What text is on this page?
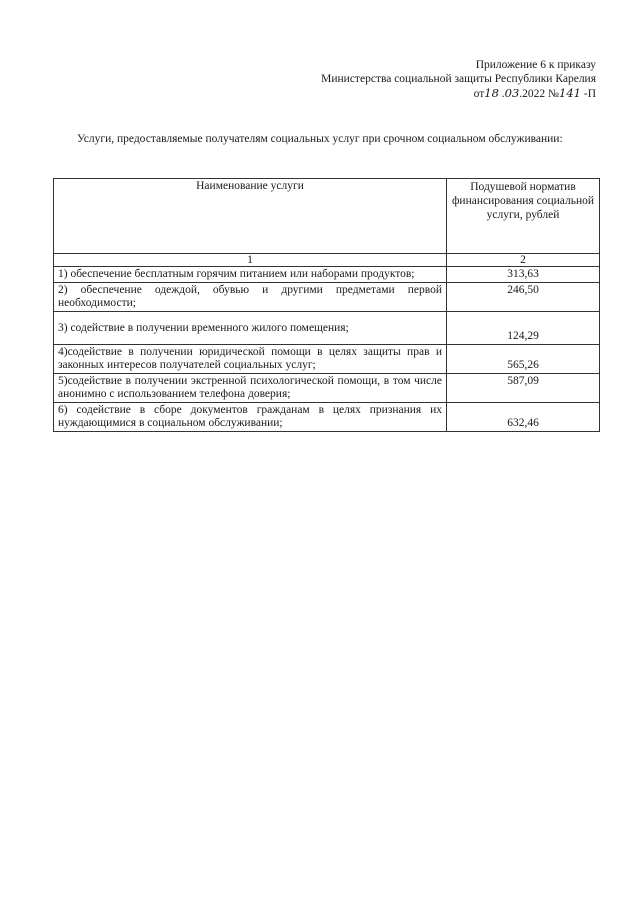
Приложение 6 к приказу
Министерства социальной защиты Республики Карелия
от18 .03.2022 №141 -П
Услуги, предоставляемые получателям социальных услуг при срочном социальном обслуживании:
Наименование услуги	Подушевой норматив финансирования социальной услуги, рублей
1	2
1) обеспечение бесплатным горячим питанием или наборами продуктов;	313,63
2) обеспечение одеждой, обувью и другими предметами первой необходимости;	246,50
3) содействие в получении временного жилого помещения;	124,29
4)содействие в получении юридической помощи в целях защиты прав и законных интересов получателей социальных услуг;	565,26
5)содействие в получении экстренной психологической помощи, в том числе анонимно с использованием телефона доверия;	587,09
6) содействие в сборе документов гражданам в целях признания их нуждающимися в социальном обслуживании;	632,46
